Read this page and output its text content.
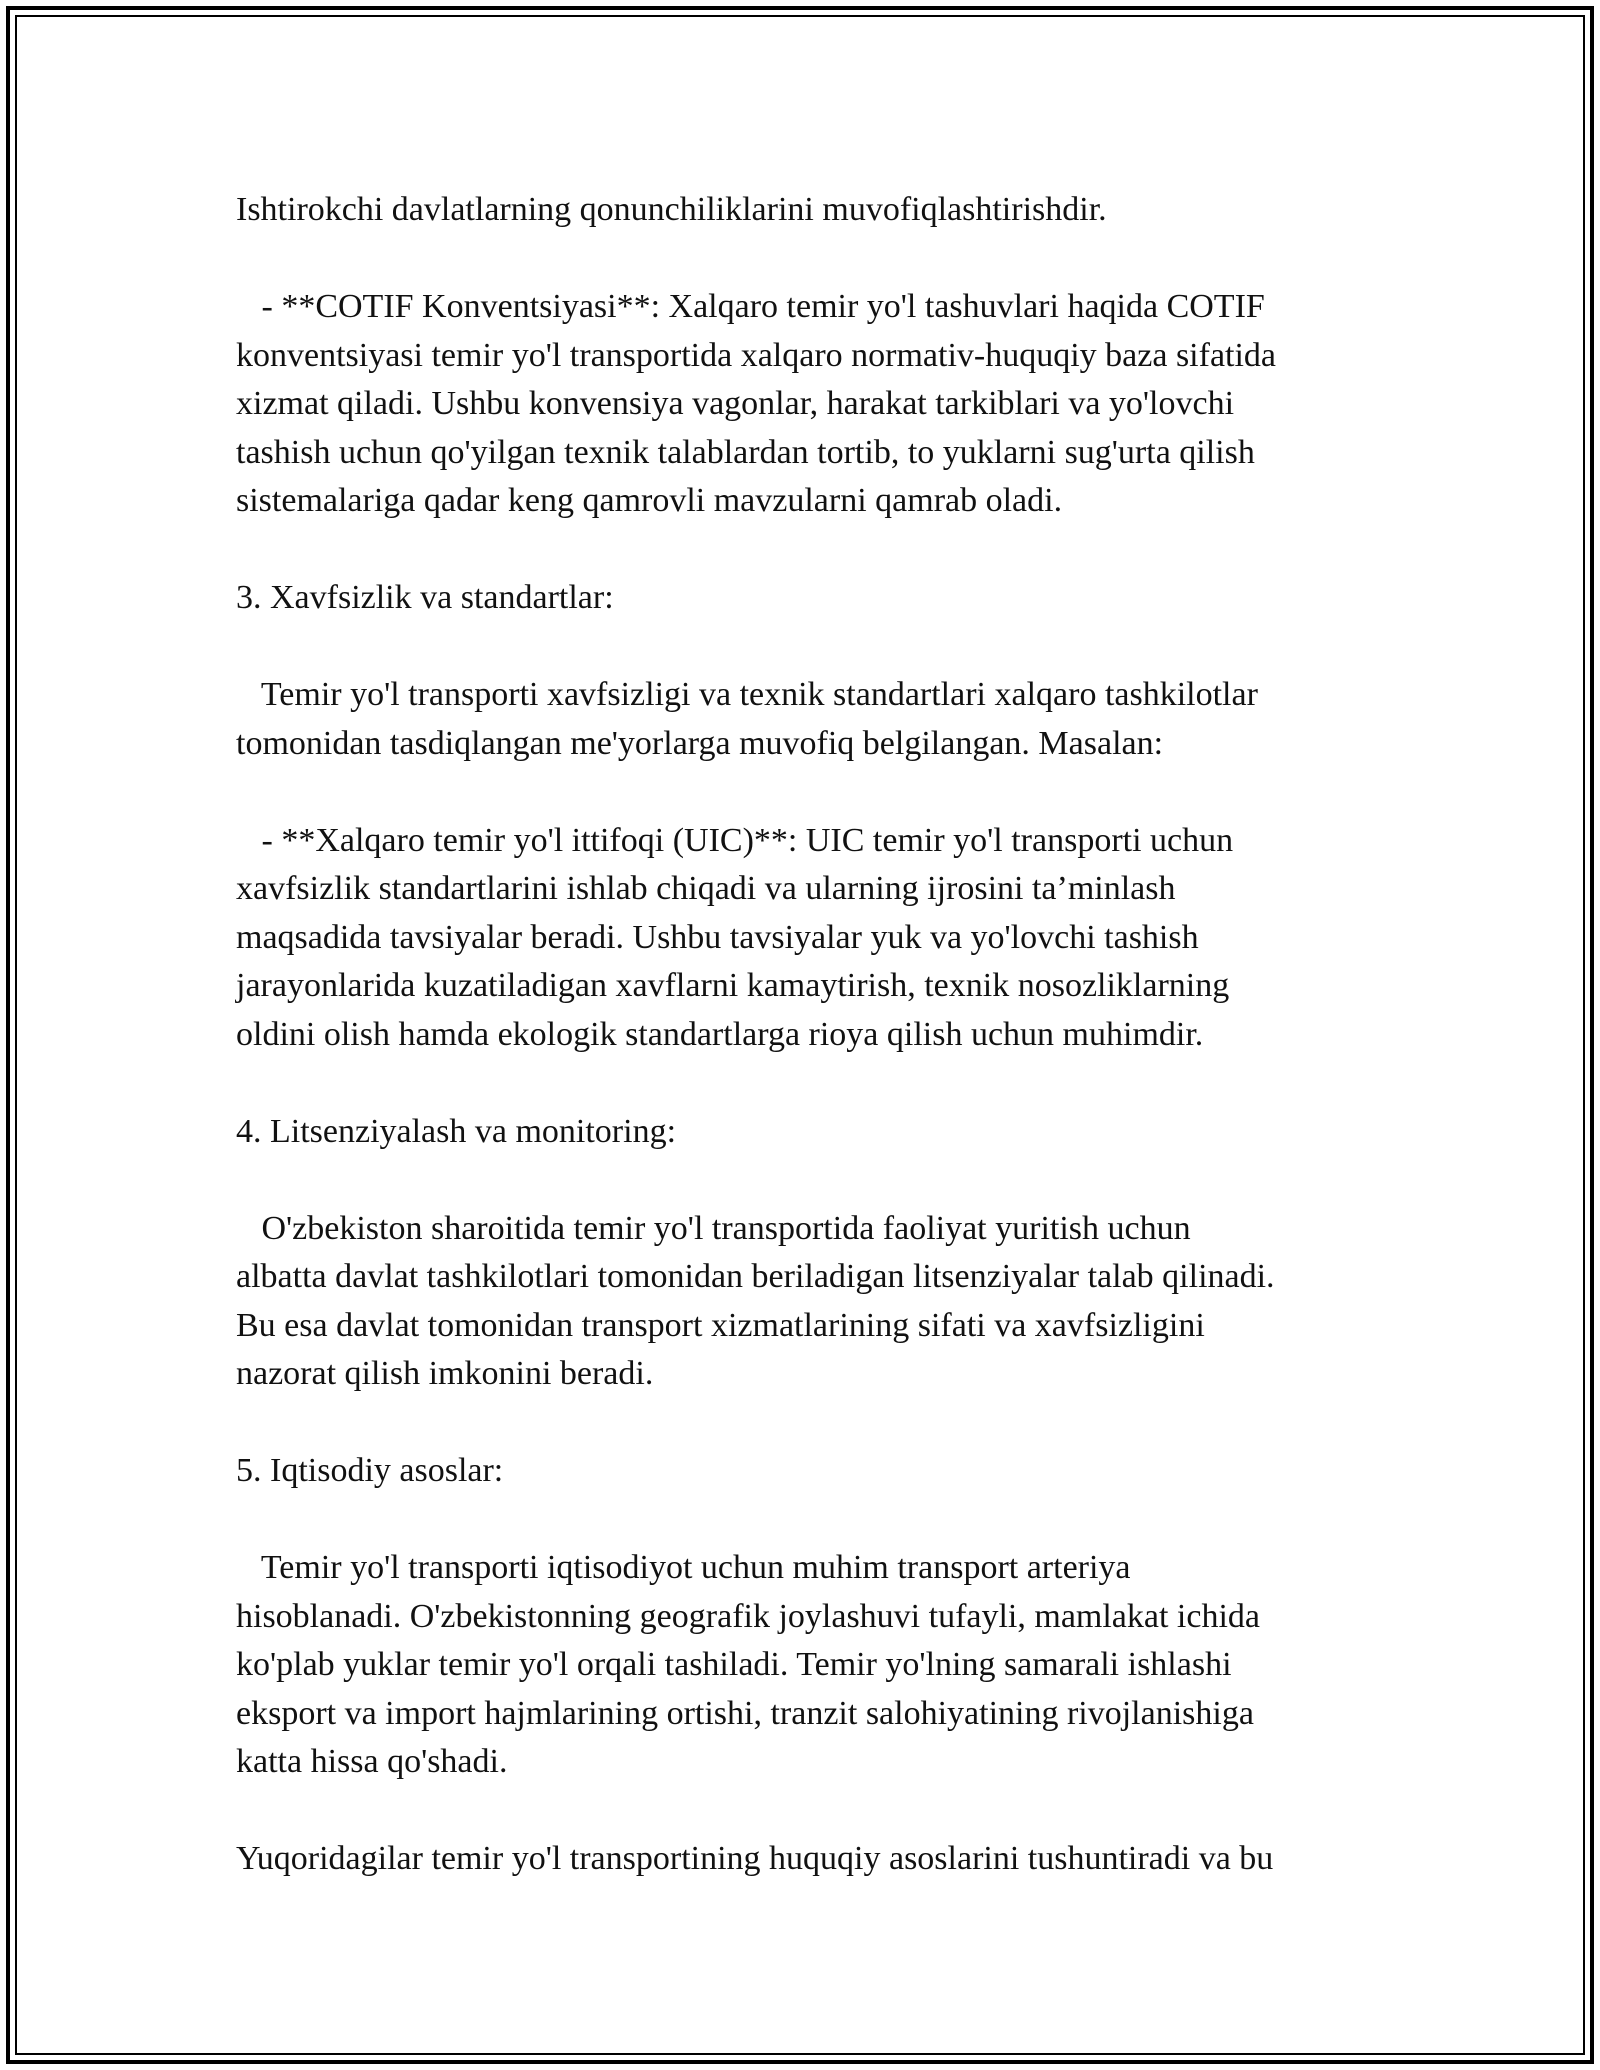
Ishtirokchi davlatlarning qonunchiliklarini muvofiqlashtirishdir.

- **COTIF Konventsiyasi**: Xalqaro temir yo'l tashuvlari haqida COTIF

konventsiyasi temir yo'l transportida xalqaro normativ-huquqiy baza sifatida

xizmat qiladi. Ushbu konvensiya vagonlar, harakat tarkiblari va yo'lovchi

tashish uchun qo'yilgan texnik talablardan tortib, to yuklarni sug'urta qilish

sistemalariga qadar keng qamrovli mavzularni qamrab oladi.

3. Xavfsizlik va standartlar:

Temir yo'l transporti xavfsizligi va texnik standartlari xalqaro tashkilotlar

tomonidan tasdiqlangan me'yorlarga muvofiq belgilangan. Masalan:

- **Xalqaro temir yo'l ittifoqi (UIC)**: UIC temir yo'l transporti uchun

xavfsizlik standartlarini ishlab chiqadi va ularning ijrosini ta’minlash

maqsadida tavsiyalar beradi. Ushbu tavsiyalar yuk va yo'lovchi tashish

jarayonlarida kuzatiladigan xavflarni kamaytirish, texnik nosozliklarning

oldini olish hamda ekologik standartlarga rioya qilish uchun muhimdir.

4. Litsenziyalash va monitoring:

O'zbekiston sharoitida temir yo'l transportida faoliyat yuritish uchun

albatta davlat tashkilotlari tomonidan beriladigan litsenziyalar talab qilinadi.

Bu esa davlat tomonidan transport xizmatlarining sifati va xavfsizligini

nazorat qilish imkonini beradi.

5. Iqtisodiy asoslar:

Temir yo'l transporti iqtisodiyot uchun muhim transport arteriya

hisoblanadi. O'zbekistonning geografik joylashuvi tufayli, mamlakat ichida

ko'plab yuklar temir yo'l orqali tashiladi. Temir yo'lning samarali ishlashi

eksport va import hajmlarining ortishi, tranzit salohiyatining rivojlanishiga

katta hissa qo'shadi.

Yuqoridagilar temir yo'l transportining huquqiy asoslarini tushuntiradi va bu
